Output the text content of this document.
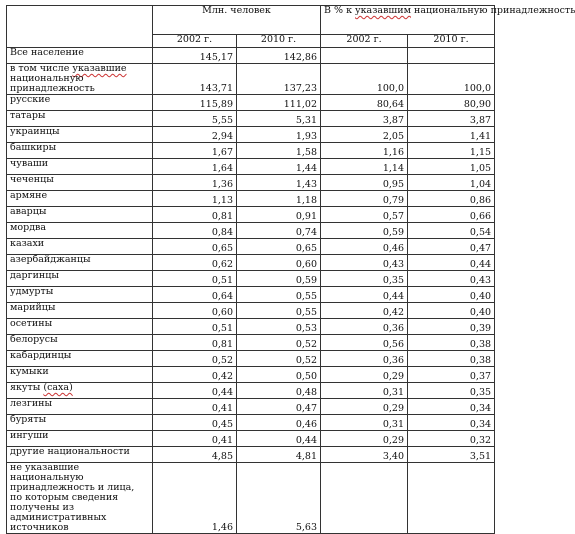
	Млн. человек		В % к указавшим национальную принадлежность	
	2002 г.	2010 г.	2002 г.	2010 г.
Все население	145,17	142,86		
в том числе указавшие национальную принадлежность	143,71	137,23	100,0	100,0
русские	115,89	111,02	80,64	80,90
татары	5,55	5,31	3,87	3,87
украинцы	2,94	1,93	2,05	1,41
башкиры	1,67	1,58	1,16	1,15
чуваши	1,64	1,44	1,14	1,05
чеченцы	1,36	1,43	0,95	1,04
армяне	1,13	1,18	0,79	0,86
аварцы	0,81	0,91	0,57	0,66
мордва	0,84	0,74	0,59	0,54
казахи	0,65	0,65	0,46	0,47
азербайджанцы	0,62	0,60	0,43	0,44
даргинцы	0,51	0,59	0,35	0,43
удмурты	0,64	0,55	0,44	0,40
марийцы	0,60	0,55	0,42	0,40
осетины	0,51	0,53	0,36	0,39
белорусы	0,81	0,52	0,56	0,38
кабардинцы	0,52	0,52	0,36	0,38
кумыки	0,42	0,50	0,29	0,37
якуты (саха)	0,44	0,48	0,31	0,35
лезгины	0,41	0,47	0,29	0,34
буряты	0,45	0,46	0,31	0,34
ингуши	0,41	0,44	0,29	0,32
другие национальности	4,85	4,81	3,40	3,51
не указавшие национальную принадлежность и лица, по которым сведения получены из административных источников	1,46	5,63		
